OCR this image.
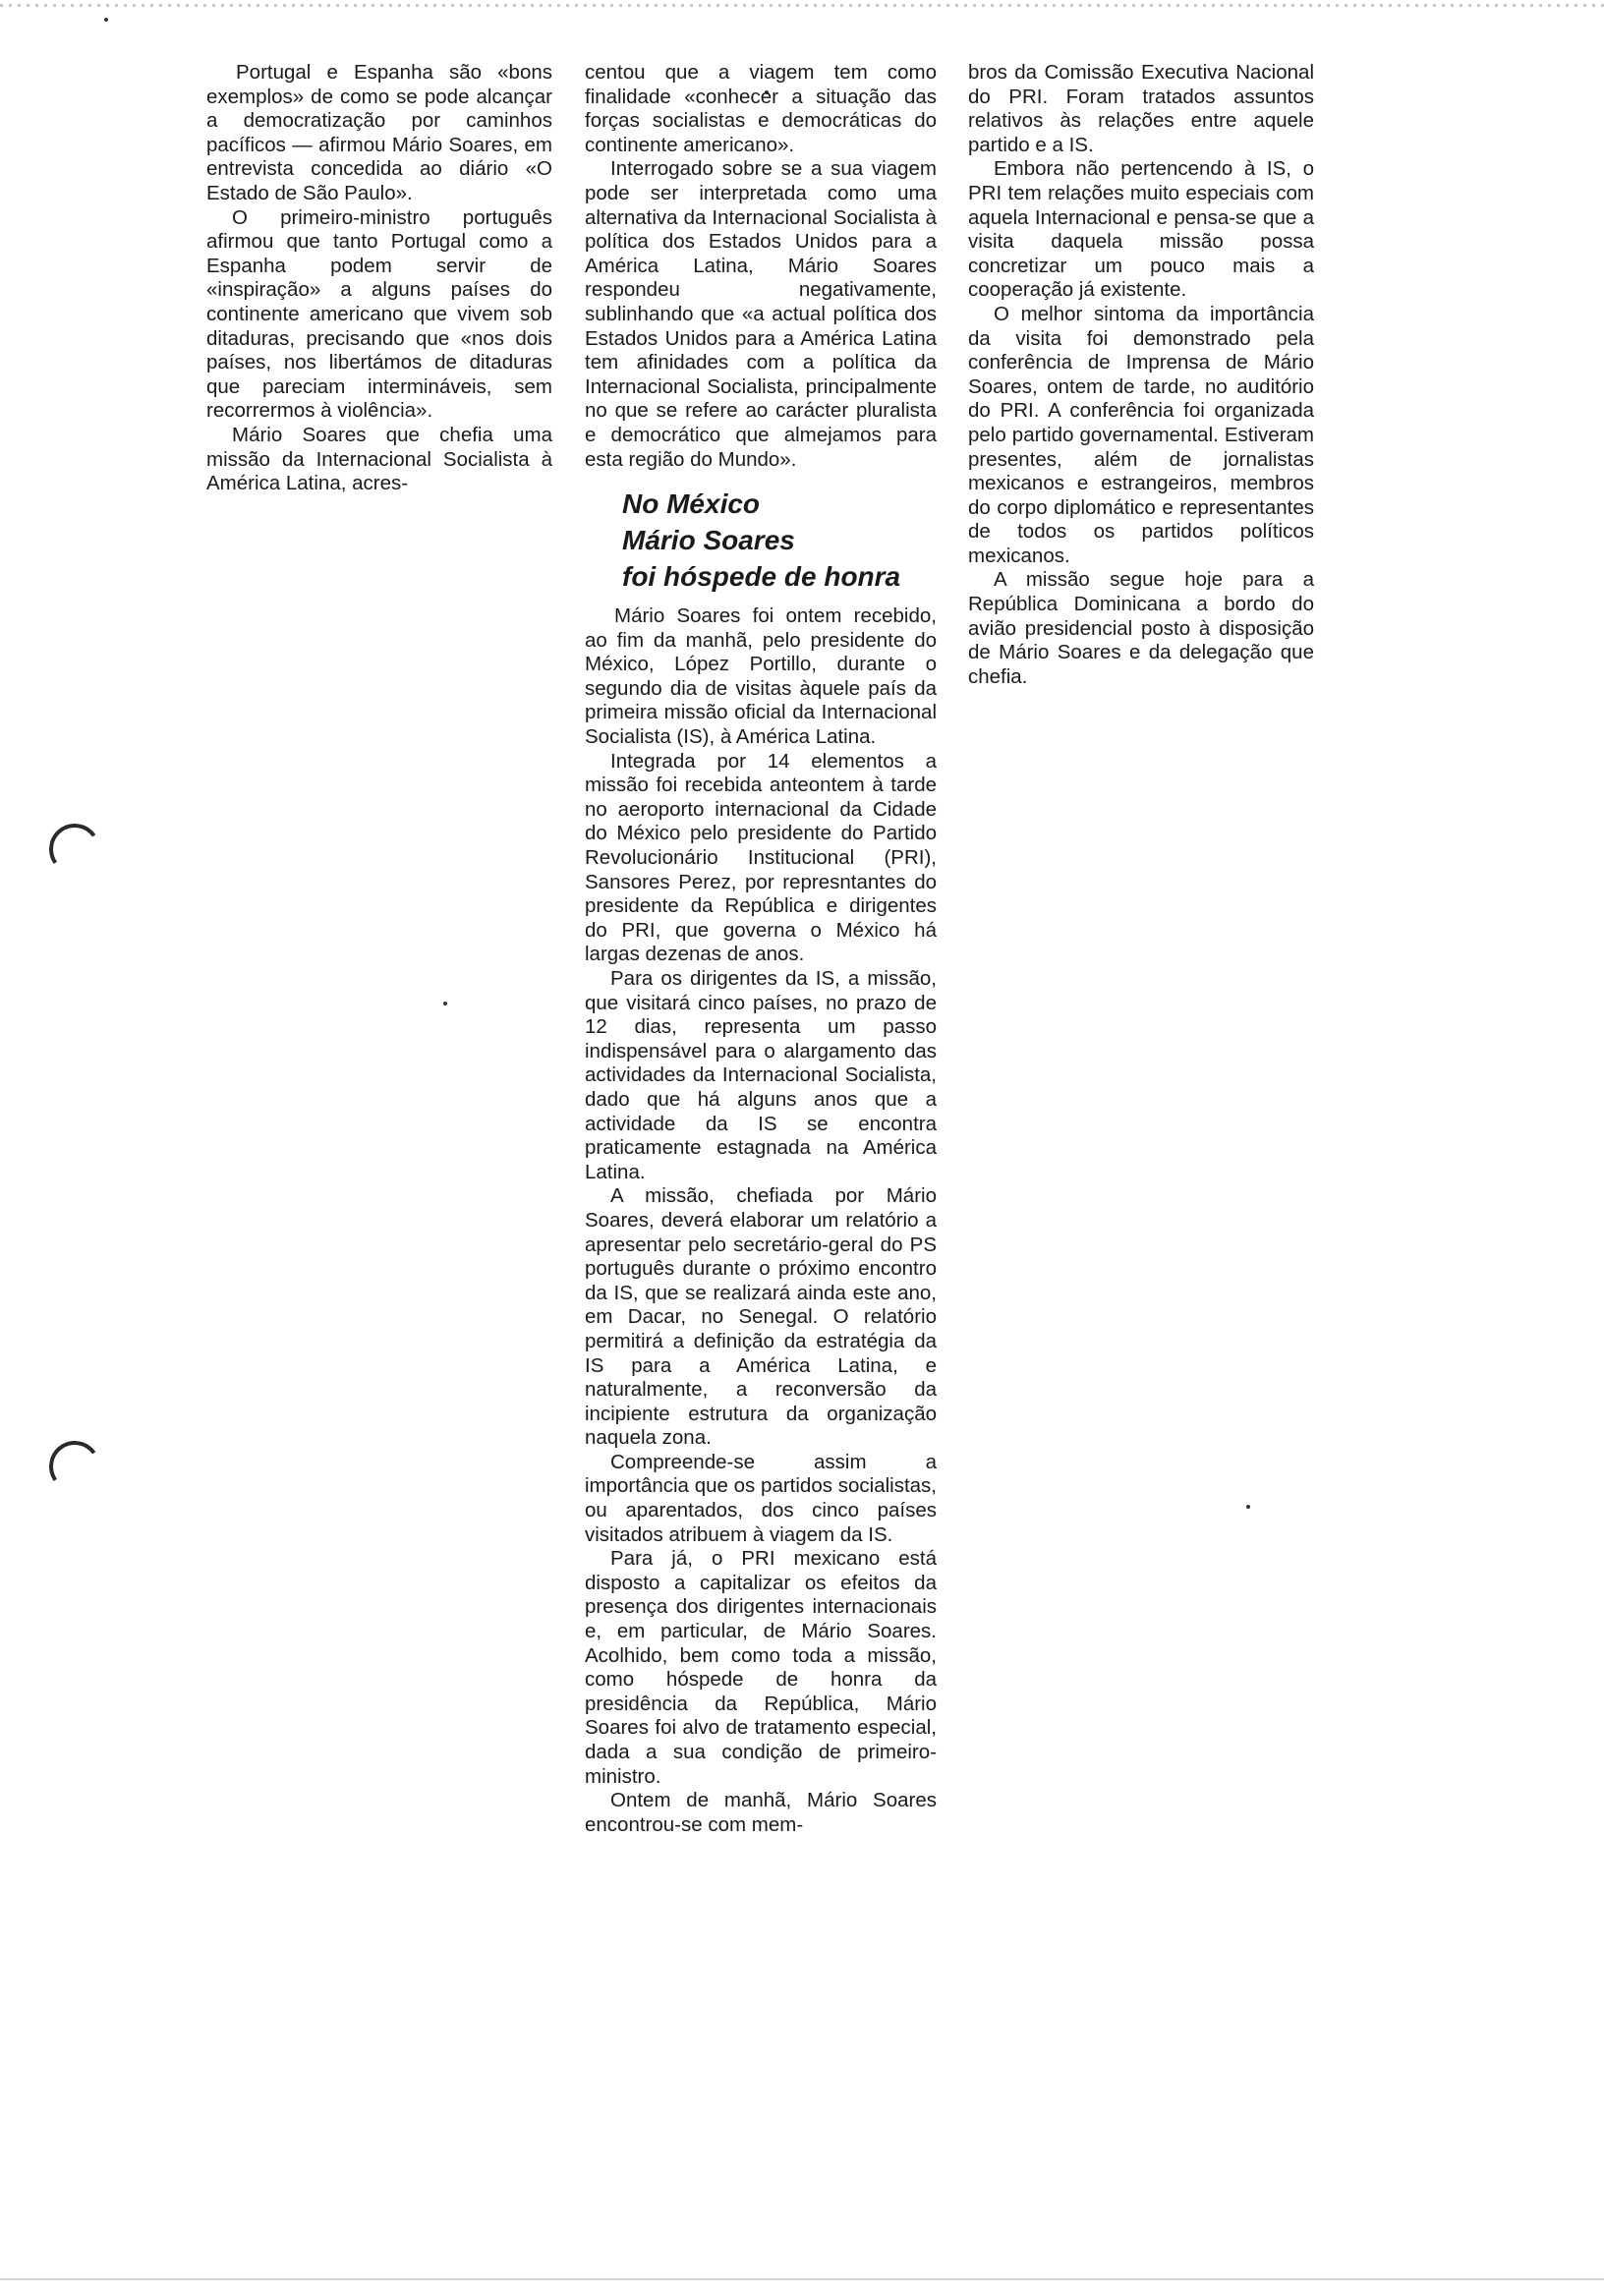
Portugal e Espanha são «bons exemplos» de como se pode alcançar a democratização por caminhos pacíficos — afirmou Mário Soares, em entrevista concedida ao diário «O Estado de São Paulo».

O primeiro-ministro português afirmou que tanto Portugal como a Espanha podem servir de «inspiração» a alguns países do continente americano que vivem sob ditaduras, precisando que «nos dois países, nos libertámos de ditaduras que pareciam intermináveis, sem recorrermos à violência».

Mário Soares que chefia uma missão da Internacional Socialista à América Latina, acres-

centou que a viagem tem como finalidade «conhecer a situação das forças socialistas e democráticas do continente americano».

Interrogado sobre se a sua viagem pode ser interpretada como uma alternativa da Internacional Socialista à política dos Estados Unidos para a América Latina, Mário Soares respondeu negativamente, sublinhando que «a actual política dos Estados Unidos para a América Latina tem afinidades com a política da Internacional Socialista, principalmente no que se refere ao carácter pluralista e democrático que almejamos para esta região do Mundo».

No México
Mário Soares
foi hóspede de honra

Mário Soares foi ontem recebido, ao fim da manhã, pelo presidente do México, López Portillo, durante o segundo dia de visitas àquele país da primeira missão oficial da Internacional Socialista (IS), à América Latina.

Integrada por 14 elementos a missão foi recebida anteontem à tarde no aeroporto internacional da Cidade do México pelo presidente do Partido Revolucionário Institucional (PRI), Sansores Perez, por represntantes do presidente da República e dirigentes do PRI, que governa o México há largas dezenas de anos.

Para os dirigentes da IS, a missão, que visitará cinco países, no prazo de 12 dias, representa um passo indispensável para o alargamento das actividades da Internacional Socialista, dado que há alguns anos que a actividade da IS se encontra praticamente estagnada na América Latina.

A missão, chefiada por Mário Soares, deverá elaborar um relatório a apresentar pelo secretário-geral do PS português durante o próximo encontro da IS, que se realizará ainda este ano, em Dacar, no Senegal. O relatório permitirá a definição da estratégia da IS para a América Latina, e naturalmente, a reconversão da incipiente estrutura da organização naquela zona.

Compreende-se assim a importância que os partidos socialistas, ou aparentados, dos cinco países visitados atribuem à viagem da IS.

Para já, o PRI mexicano está disposto a capitalizar os efeitos da presença dos dirigentes internacionais e, em particular, de Mário Soares. Acolhido, bem como toda a missão, como hóspede de honra da presidência da República, Mário Soares foi alvo de tratamento especial, dada a sua condição de primeiro-ministro.

Ontem de manhã, Mário Soares encontrou-se com mem-

bros da Comissão Executiva Nacional do PRI. Foram tratados assuntos relativos às relações entre aquele partido e a IS.

Embora não pertencendo à IS, o PRI tem relações muito especiais com aquela Internacional e pensa-se que a visita daquela missão possa concretizar um pouco mais a cooperação já existente.

O melhor sintoma da importância da visita foi demonstrado pela conferência de Imprensa de Mário Soares, ontem de tarde, no auditório do PRI. A conferência foi organizada pelo partido governamental. Estiveram presentes, além de jornalistas mexicanos e estrangeiros, membros do corpo diplomático e representantes de todos os partidos políticos mexicanos.

A missão segue hoje para a República Dominicana a bordo do avião presidencial posto à disposição de Mário Soares e da delegação que chefia.
